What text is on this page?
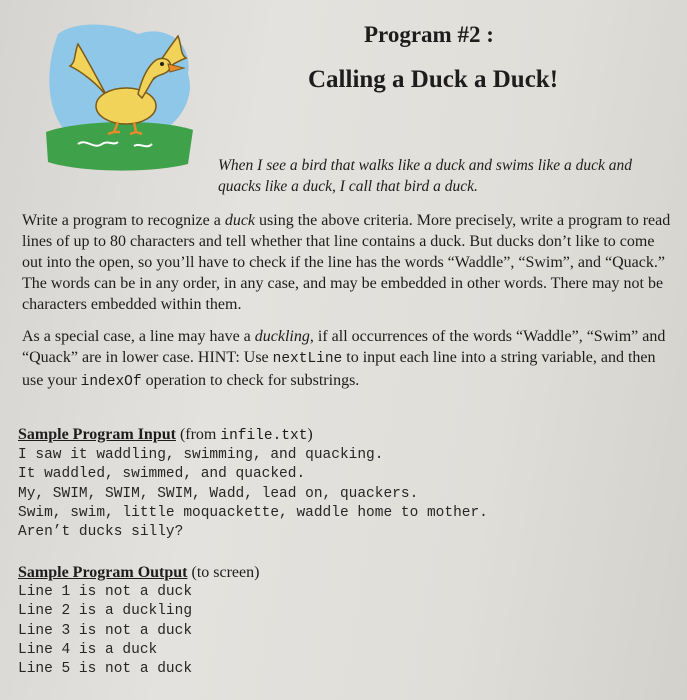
Program #2 :
Calling a Duck a Duck!

When I see a bird that walks like a duck and swims like a duck and quacks like a duck, I call that bird a duck.

Write a program to recognize a duck using the above criteria. More precisely, write a program to read lines of up to 80 characters and tell whether that line contains a duck. But ducks don’t like to come out into the open, so you’ll have to check if the line has the words “Waddle”, “Swim”, and “Quack.” The words can be in any order, in any case, and may be embedded in other words. There may not be characters embedded within them.

As a special case, a line may have a duckling, if all occurrences of the words “Waddle”, “Swim” and “Quack” are in lower case. HINT: Use nextLine to input each line into a string variable, and then use your indexOf operation to check for substrings.

Sample Program Input (from infile.txt)

I saw it waddling, swimming, and quacking.

It waddled, swimmed, and quacked.

My, SWIM, SWIM, SWIM, Wadd, lead on, quackers.

Swim, swim, little moquackette, waddle home to mother.

Aren’t ducks silly?

Sample Program Output (to screen)

Line 1 is not a duck

Line 2 is a duckling

Line 3 is not a duck

Line 4 is a duck

Line 5 is not a duck
